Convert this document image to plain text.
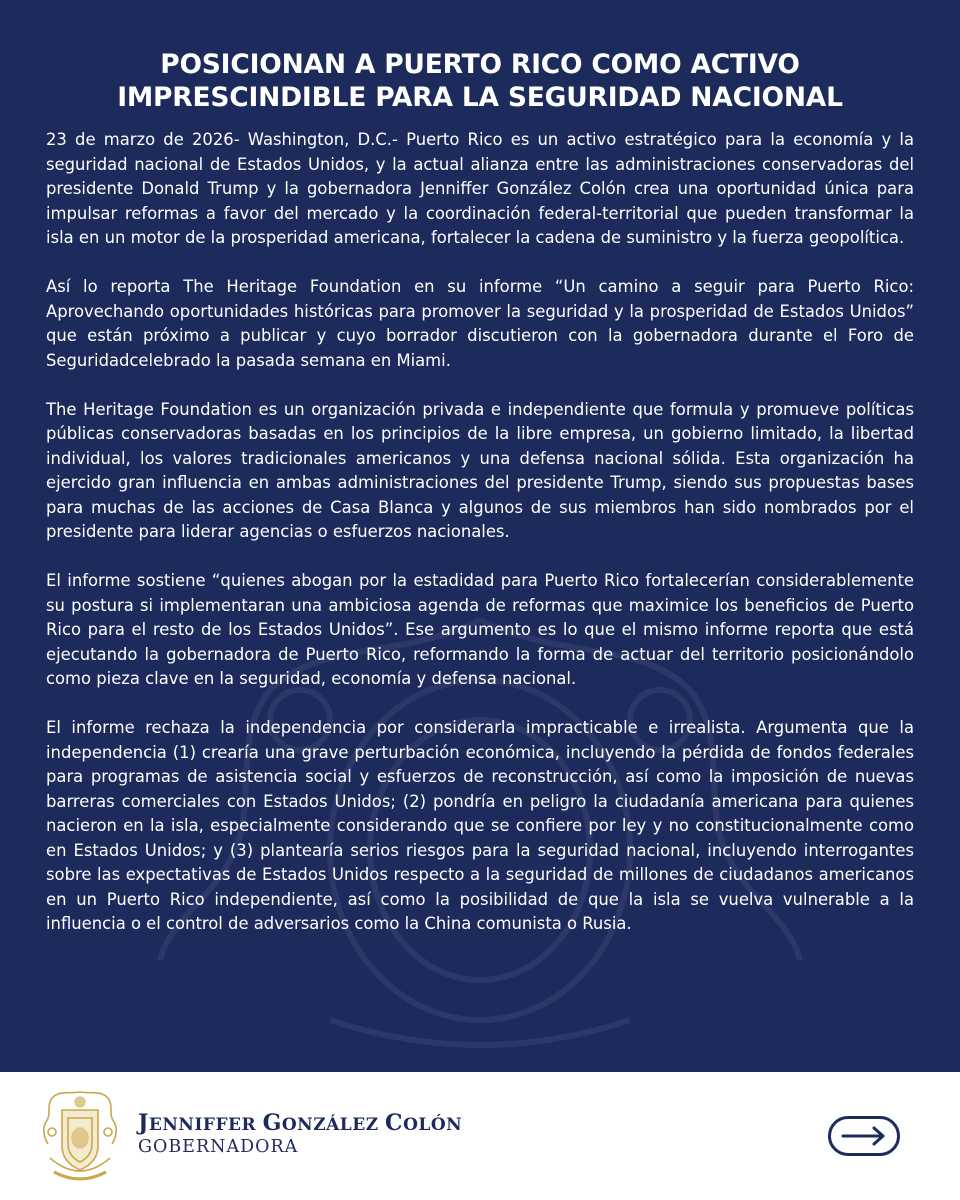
POSICIONAN A PUERTO RICO COMO ACTIVO
IMPRESCINDIBLE PARA LA SEGURIDAD NACIONAL

23 de marzo de 2026- Washington, D.C.- Puerto Rico es un activo estratégico para la economía y la seguridad nacional de Estados Unidos, y la actual alianza entre las administraciones conservadoras del presidente Donald Trump y la gobernadora Jenniffer González Colón crea una oportunidad única para impulsar reformas a favor del mercado y la coordinación federal-territorial que pueden transformar la isla en un motor de la prosperidad americana, fortalecer la cadena de suministro y la fuerza geopolítica.

Así lo reporta The Heritage Foundation en su informe “Un camino a seguir para Puerto Rico: Aprovechando oportunidades históricas para promover la seguridad y la prosperidad de Estados Unidos” que están próximo a publicar y cuyo borrador discutieron con la gobernadora durante el Foro de Seguridadcelebrado la pasada semana en Miami.

The Heritage Foundation es un organización privada e independiente que formula y promueve políticas públicas conservadoras basadas en los principios de la libre empresa, un gobierno limitado, la libertad individual, los valores tradicionales americanos y una defensa nacional sólida. Esta organización ha ejercido gran influencia en ambas administraciones del presidente Trump, siendo sus propuestas bases para muchas de las acciones de Casa Blanca y algunos de sus miembros han sido nombrados por el presidente para liderar agencias o esfuerzos nacionales.

El informe sostiene “quienes abogan por la estadidad para Puerto Rico fortalecerían considerablemente su postura si implementaran una ambiciosa agenda de reformas que maximice los beneficios de Puerto Rico para el resto de los Estados Unidos”. Ese argumento es lo que el mismo informe reporta que está ejecutando la gobernadora de Puerto Rico, reformando la forma de actuar del territorio posicionándolo como pieza clave en la seguridad, economía y defensa nacional.

El informe rechaza la independencia por considerarla impracticable e irrealista. Argumenta que la independencia (1) crearía una grave perturbación económica, incluyendo la pérdida de fondos federales para programas de asistencia social y esfuerzos de reconstrucción, así como la imposición de nuevas barreras comerciales con Estados Unidos; (2) pondría en peligro la ciudadanía americana para quienes nacieron en la isla, especialmente considerando que se confiere por ley y no constitucionalmente como en Estados Unidos; y (3) plantearía serios riesgos para la seguridad nacional, incluyendo interrogantes sobre las expectativas de Estados Unidos respecto a la seguridad de millones de ciudadanos americanos en un Puerto Rico independiente, así como la posibilidad de que la isla se vuelva vulnerable a la influencia o el control de adversarios como la China comunista o Rusia.

JENNIFFER GONZÁLEZ COLÓN
GOBERNADORA
